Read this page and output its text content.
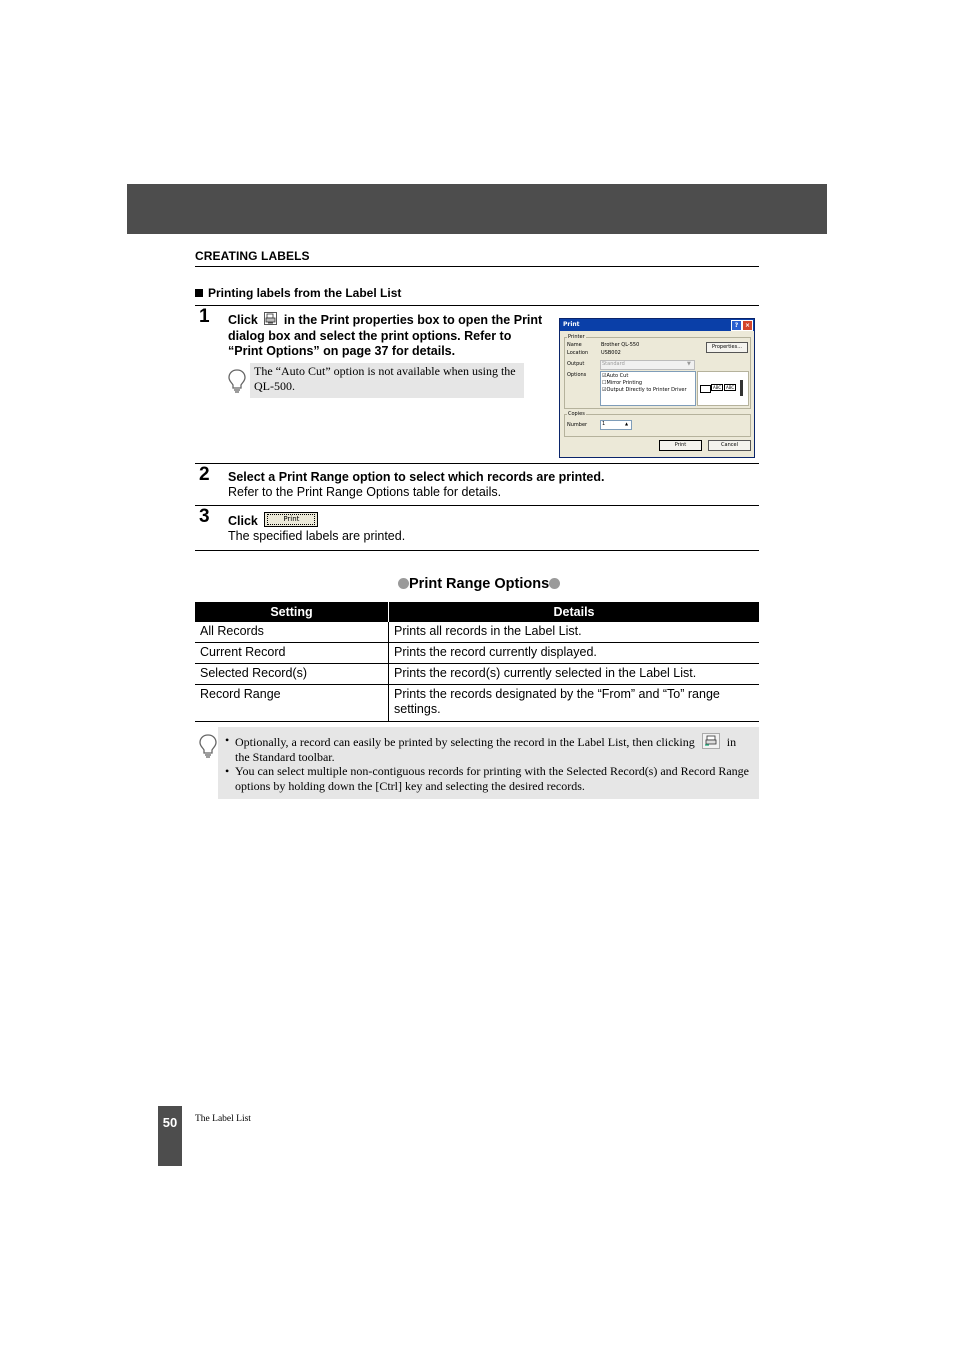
CREATING LABELS
Printing labels from the Label List
1 Click in the Print properties box to open the Print dialog box and select the print options. Refer to “Print Options” on page 37 for details.
The “Auto Cut” option is not available when using the QL-500.
Print	?	×
Printer
Name	Brother QL-550
Location	USB002
Properties...
Output	Standard	▼
Options	☑Auto Cut
☐Mirror Printing
☑Output Directly to Printer Driver	ABC	ABC
Copies
Number	1	▲
Print	Cancel
2 Select a Print Range option to select which records are printed.
Refer to the Print Range Options table for details.
3 Click	Print
The specified labels are printed.
Print Range Options
Setting	Details
All Records	Prints all records in the Label List.
Current Record	Prints the record currently displayed.
Selected Record(s)	Prints the record(s) currently selected in the Label List.
Record Range	Prints the records designated by the “From” and “To” range settings.
• Optionally, a record can easily be printed by selecting the record in the Label List, then clicking	in the Standard toolbar.
• You can select multiple non-contiguous records for printing with the Selected Record(s) and Record Range options by holding down the [Ctrl] key and selecting the desired records.
50	The Label List
